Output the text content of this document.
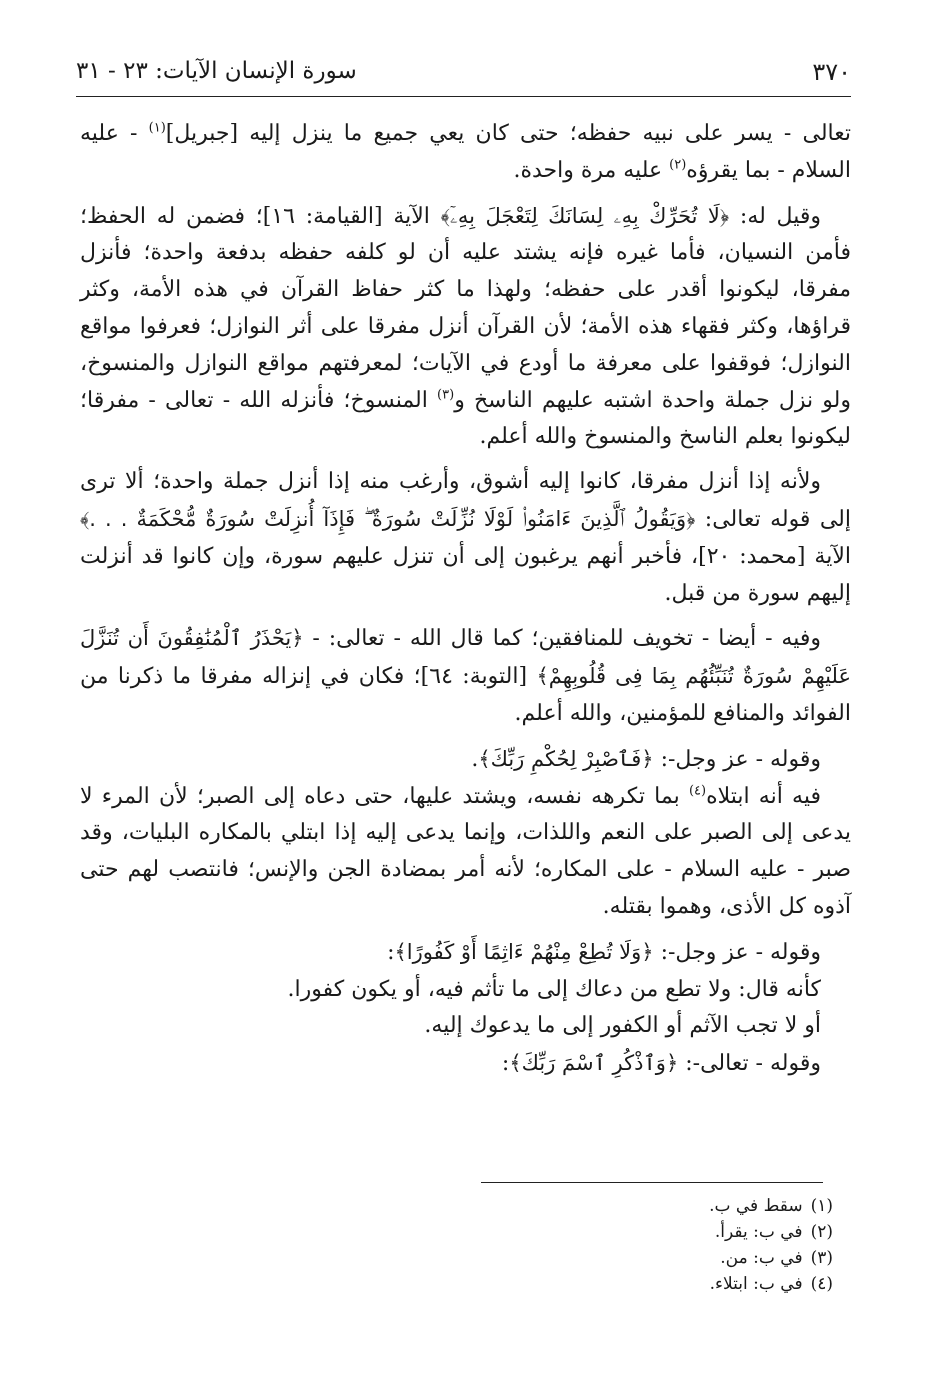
٣٧٠
سورة الإنسان الآيات: ٢٣ - ٣١

تعالى - يسر على نبيه حفظه؛ حتى كان يعي جميع ما ينزل إليه [جبريل]$^{(١)}$ - عليه السلام - بما يقرؤه$^{(٢)}$ عليه مرة واحدة.

وقيل له: ﴿لَا تُحَرِّكْ بِهِۦ لِسَانَكَ لِتَعْجَلَ بِهِۦٓ﴾ الآية [القيامة: ١٦]؛ فضمن له الحفظ؛ فأمن النسيان، فأما غيره فإنه يشتد عليه أن لو كلفه حفظه بدفعة واحدة؛ فأنزل مفرقا، ليكونوا أقدر على حفظه؛ ولهذا ما كثر حفاظ القرآن في هذه الأمة، وكثر قراؤها، وكثر فقهاء هذه الأمة؛ لأن القرآن أنزل مفرقا على أثر النوازل؛ فعرفوا مواقع النوازل؛ فوقفوا على معرفة ما أودع في الآيات؛ لمعرفتهم مواقع النوازل والمنسوخ، ولو نزل جملة واحدة اشتبه عليهم الناسخ و$^{(٣)}$ المنسوخ؛ فأنزله الله - تعالى - مفرقا؛ ليكونوا بعلم الناسخ والمنسوخ والله أعلم.

ولأنه إذا أنزل مفرقا، كانوا إليه أشوق، وأرغب منه إذا أنزل جملة واحدة؛ ألا ترى إلى قوله تعالى: ﴿وَيَقُولُ ٱلَّذِينَ ءَامَنُوا۟ لَوْلَا نُزِّلَتْ سُورَةٌ ۖ فَإِذَآ أُنزِلَتْ سُورَةٌ مُّحْكَمَةٌ . . .﴾ الآية [محمد: ٢٠]، فأخبر أنهم يرغبون إلى أن تنزل عليهم سورة، وإن كانوا قد أنزلت إليهم سورة من قبل.

وفيه - أيضا - تخويف للمنافقين؛ كما قال الله - تعالى: - ﴿يَحْذَرُ ٱلْمُنَٰفِقُونَ أَن تُنَزَّلَ عَلَيْهِمْ سُورَةٌ تُنَبِّئُهُم بِمَا فِى قُلُوبِهِمْ﴾ [التوبة: ٦٤]؛ فكان في إنزاله مفرقا ما ذكرنا من الفوائد والمنافع للمؤمنين، والله أعلم.

وقوله - عز وجل-: ﴿فَٱصْبِرْ لِحُكْمِ رَبِّكَ﴾.

فيه أنه ابتلاه$^{(٤)}$ بما تكرهه نفسه، ويشتد عليها، حتى دعاه إلى الصبر؛ لأن المرء لا يدعى إلى الصبر على النعم واللذات، وإنما يدعى إليه إذا ابتلي بالمكاره البليات، وقد صبر - عليه السلام - على المكاره؛ لأنه أمر بمضادة الجن والإنس؛ فانتصب لهم حتى آذوه كل الأذى، وهموا بقتله.

وقوله - عز وجل-: ﴿وَلَا تُطِعْ مِنْهُمْ ءَاثِمًا أَوْ كَفُورًا﴾:

كأنه قال: ولا تطع من دعاك إلى ما تأثم فيه، أو يكون كفورا.

أو لا تجب الآثم أو الكفور إلى ما يدعوك إليه.

وقوله - تعالى-: ﴿وَٱذْكُرِ ٱسْمَ رَبِّكَ﴾:

(١)سقط في ب.
(٢)في ب: يقرأ.
(٣)في ب: من.
(٤)في ب: ابتلاء.
